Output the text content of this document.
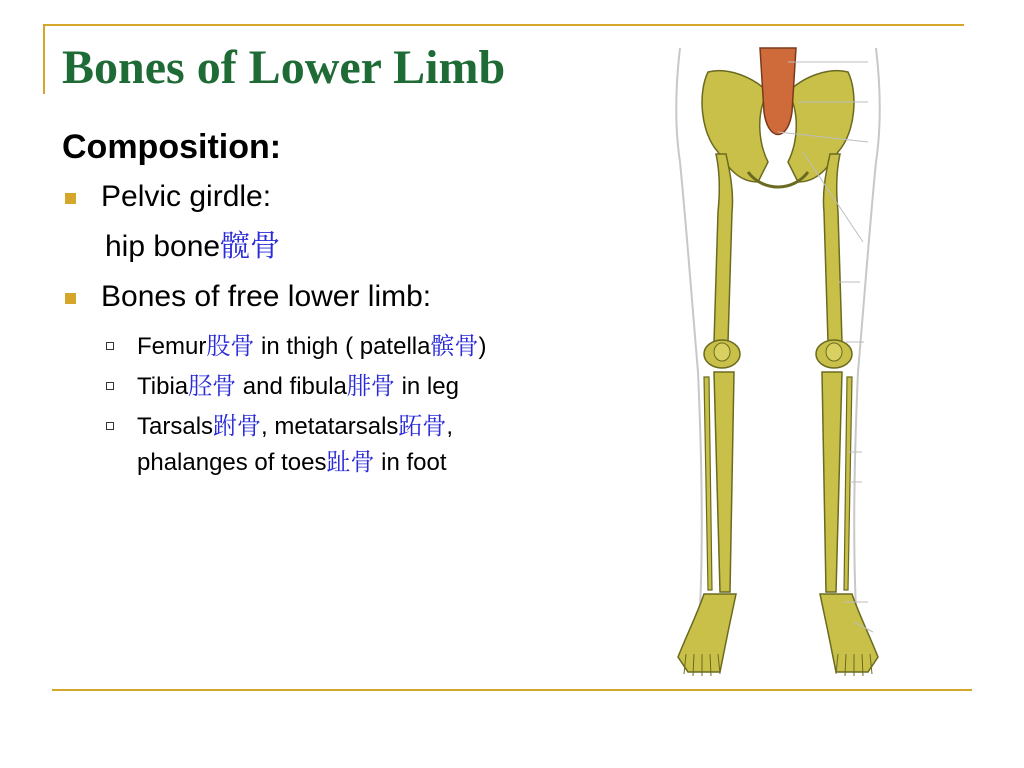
Bones of Lower Limb
Composition:
Pelvic girdle:
hip bone髋骨
Bones of free lower limb:
Femur股骨 in thigh ( patella髌骨)
Tibia胫骨 and fibula腓骨 in leg
Tarsals跗骨, metatarsals跖骨, phalanges of toes趾骨 in foot
